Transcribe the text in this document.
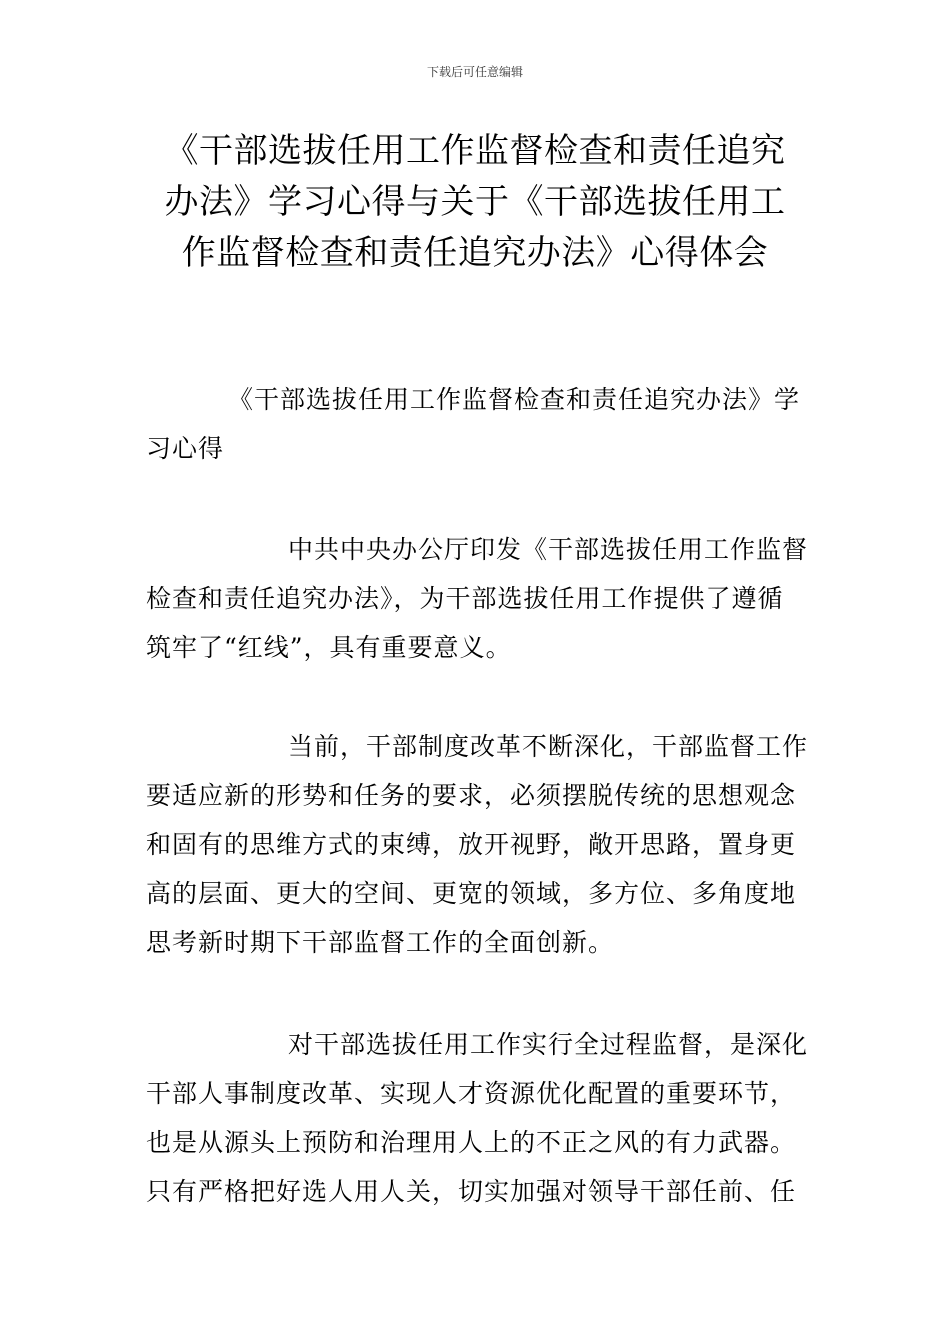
下载后可任意编辑
《干部选拔任用工作监督检查和责任追究
办法》学习心得与关于《干部选拔任用工
作监督检查和责任追究办法》心得体会
《干部选拔任用工作监督检查和责任追究办法》学
习心得
中共中央办公厅印发《干部选拔任用工作监督
检查和责任追究办法》，为干部选拔任用工作提供了遵循
筑牢了“红线”，具有重要意义。
当前，干部制度改革不断深化，干部监督工作
要适应新的形势和任务的要求，必须摆脱传统的思想观念
和固有的思维方式的束缚，放开视野，敞开思路，置身更
高的层面、更大的空间、更宽的领域，多方位、多角度地
思考新时期下干部监督工作的全面创新。
对干部选拔任用工作实行全过程监督，是深化
干部人事制度改革、实现人才资源优化配置的重要环节，
也是从源头上预防和治理用人上的不正之风的有力武器。
只有严格把好选人用人关，切实加强对领导干部任前、任
